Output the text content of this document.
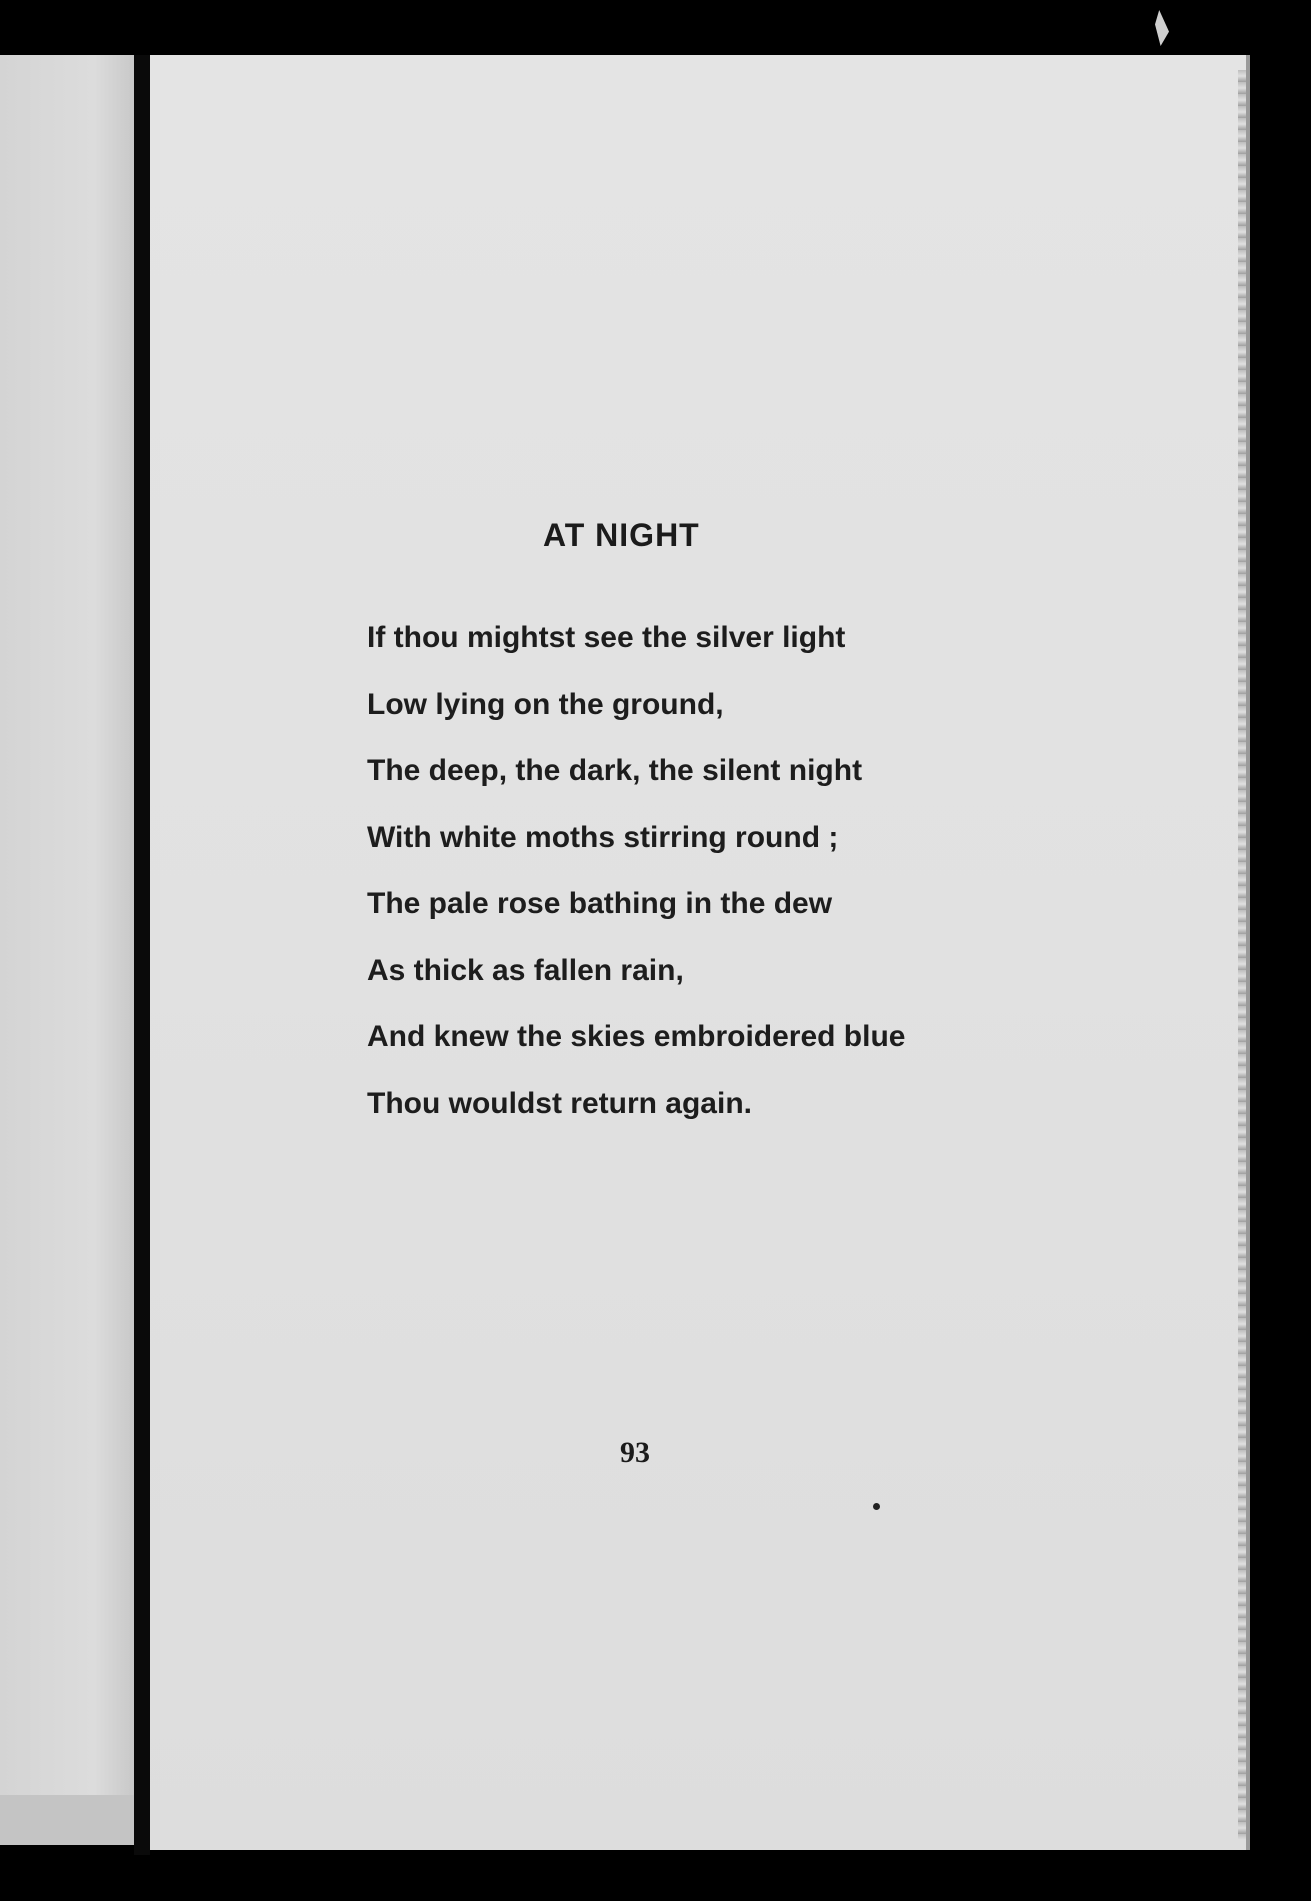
AT NIGHT
If thou mightst see the silver light
Low lying on the ground,
The deep, the dark, the silent night
With white moths stirring round ;
The pale rose bathing in the dew
As thick as fallen rain,
And knew the skies embroidered blue
Thou wouldst return again.
93
